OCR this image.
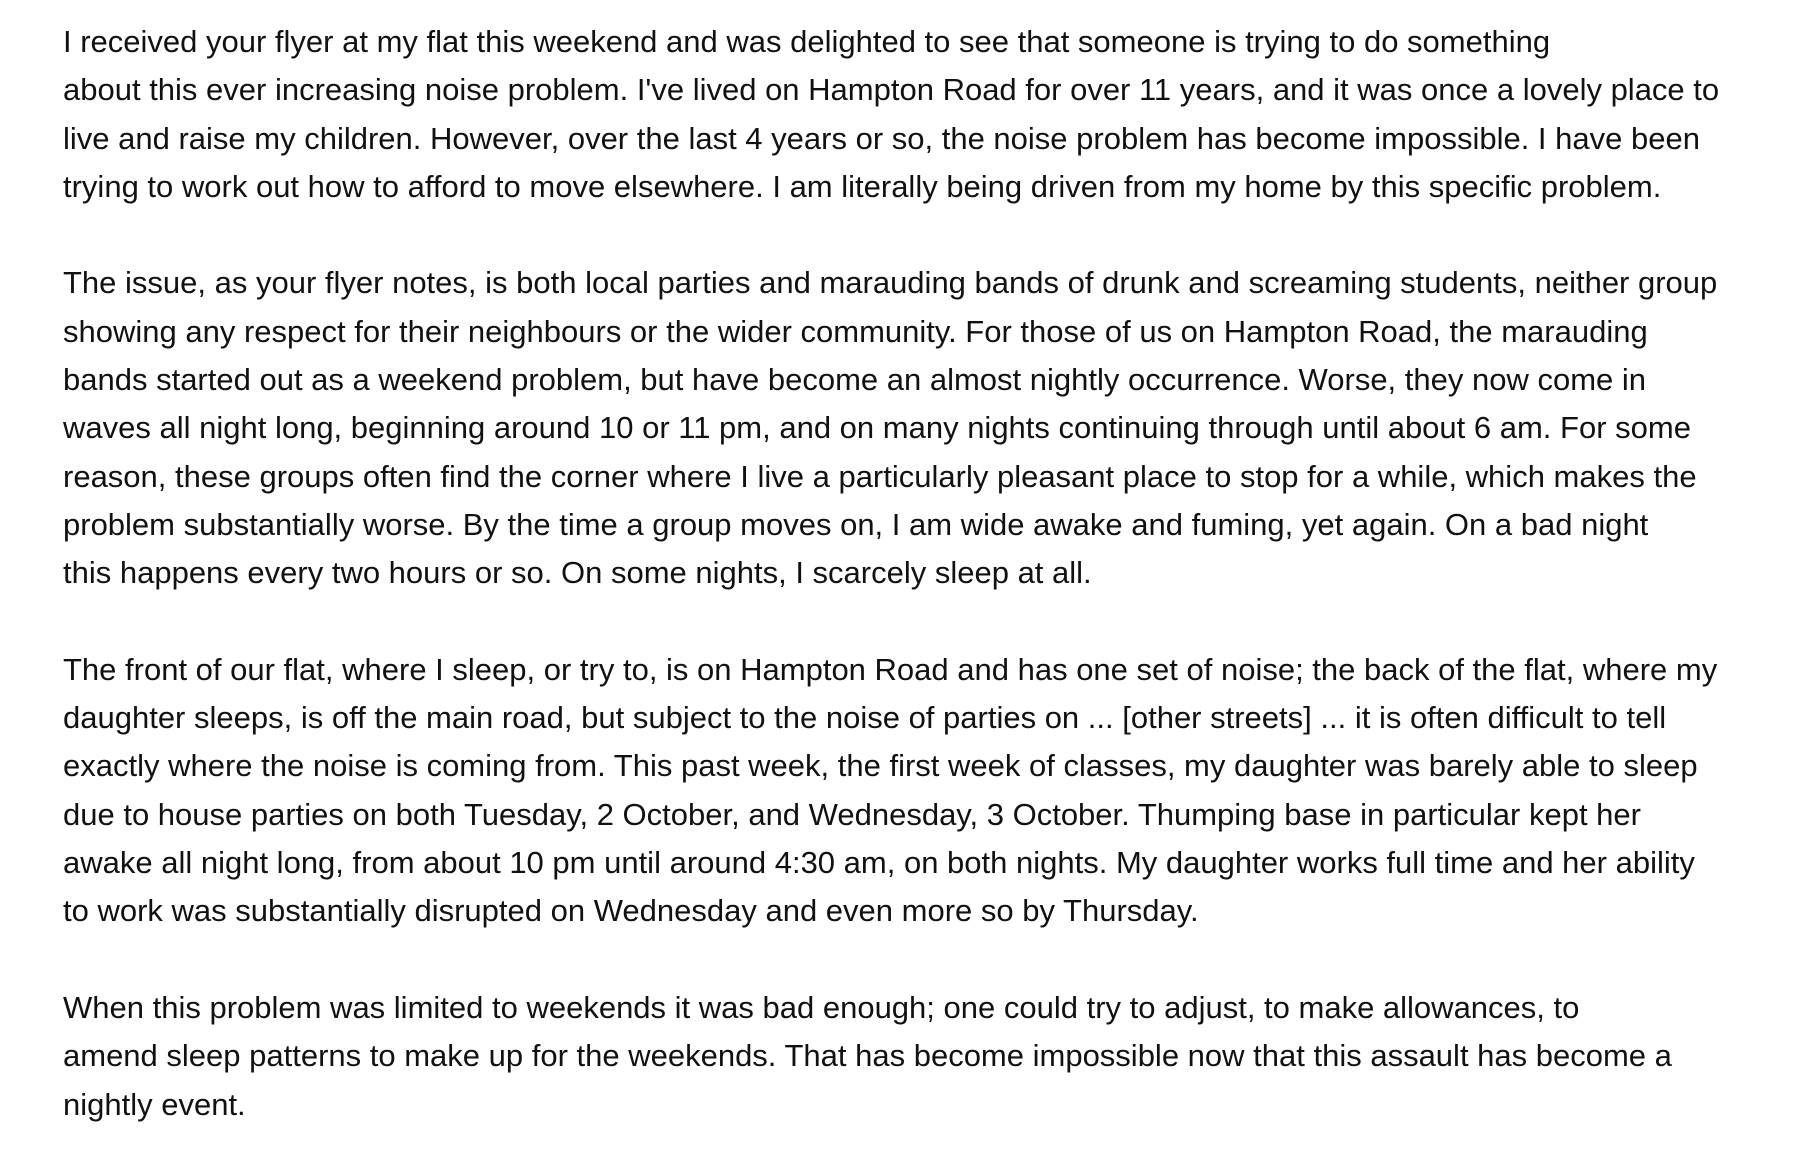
I received your flyer at my flat this weekend and was delighted to see that someone is trying to do something
about this ever increasing noise problem. I've lived on Hampton Road for over 11 years, and it was once a lovely place to
live and raise my children. However, over the last 4 years or so, the noise problem has become impossible. I have been
trying to work out how to afford to move elsewhere. I am literally being driven from my home by this specific problem.

The issue, as your flyer notes, is both local parties and marauding bands of drunk and screaming students, neither group
showing any respect for their neighbours or the wider community. For those of us on Hampton Road, the marauding
bands started out as a weekend problem, but have become an almost nightly occurrence. Worse, they now come in
waves all night long, beginning around 10 or 11 pm, and on many nights continuing through until about 6 am. For some
reason, these groups often find the corner where I live a particularly pleasant place to stop for a while, which makes the
problem substantially worse. By the time a group moves on, I am wide awake and fuming, yet again. On a bad night
this happens every two hours or so. On some nights, I scarcely sleep at all.

The front of our flat, where I sleep, or try to, is on Hampton Road and has one set of noise; the back of the flat, where my
daughter sleeps, is off the main road, but subject to the noise of parties on ... [other streets] ... it is often difficult to tell
exactly where the noise is coming from. This past week, the first week of classes, my daughter was barely able to sleep
due to house parties on both Tuesday, 2 October, and Wednesday, 3 October. Thumping base in particular kept her
awake all night long, from about 10 pm until around 4:30 am, on both nights. My daughter works full time and her ability
to work was substantially disrupted on Wednesday and even more so by Thursday.

When this problem was limited to weekends it was bad enough; one could try to adjust, to make allowances, to
amend sleep patterns to make up for the weekends. That has become impossible now that this assault has become a
nightly event.
